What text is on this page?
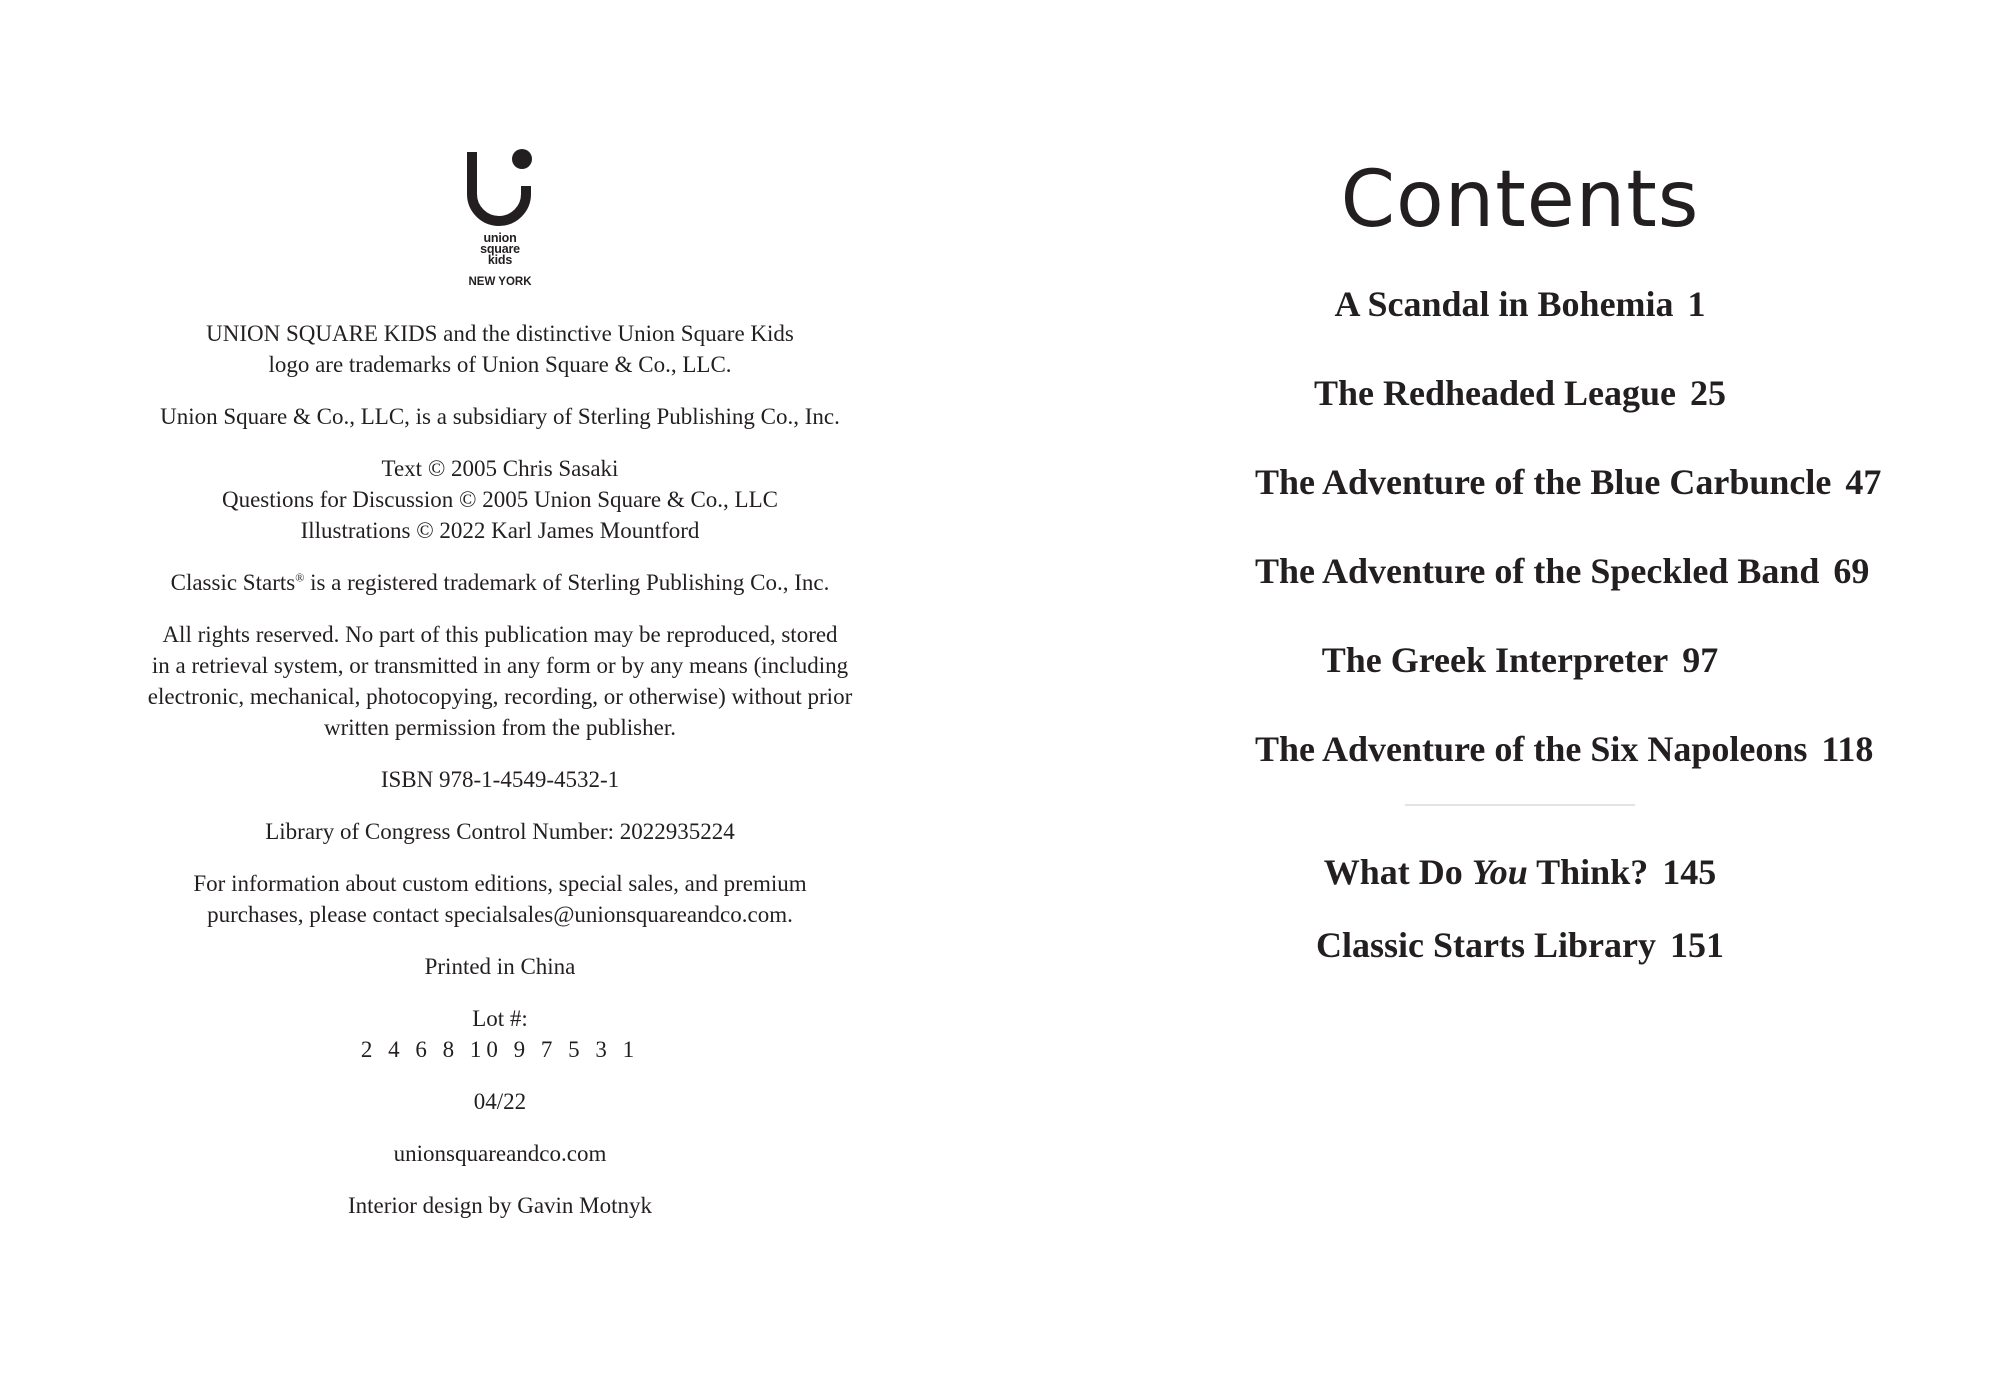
union
square
kids
NEW YORK

UNION SQUARE KIDS and the distinctive Union Square Kids
logo are trademarks of Union Square & Co., LLC.

Union Square & Co., LLC, is a subsidiary of Sterling Publishing Co., Inc.

Text © 2005 Chris Sasaki
Questions for Discussion © 2005 Union Square & Co., LLC
Illustrations © 2022 Karl James Mountford

Classic Starts® is a registered trademark of Sterling Publishing Co., Inc.

All rights reserved. No part of this publication may be reproduced, stored
in a retrieval system, or transmitted in any form or by any means (including
electronic, mechanical, photocopying, recording, or otherwise) without prior
written permission from the publisher.

ISBN 978-1-4549-4532-1

Library of Congress Control Number: 2022935224

For information about custom editions, special sales, and premium
purchases, please contact specialsales@unionsquareandco.com.

Printed in China

Lot #:
2 4 6 8 10 9 7 5 3 1

04/22

unionsquareandco.com

Interior design by Gavin Motnyk

Contents
A Scandal in Bohemia 1
The Redheaded League 25
The Adventure of the Blue Carbuncle 47
The Adventure of the Speckled Band 69
The Greek Interpreter 97
The Adventure of the Six Napoleons 118
What Do You Think? 145
Classic Starts Library 151
